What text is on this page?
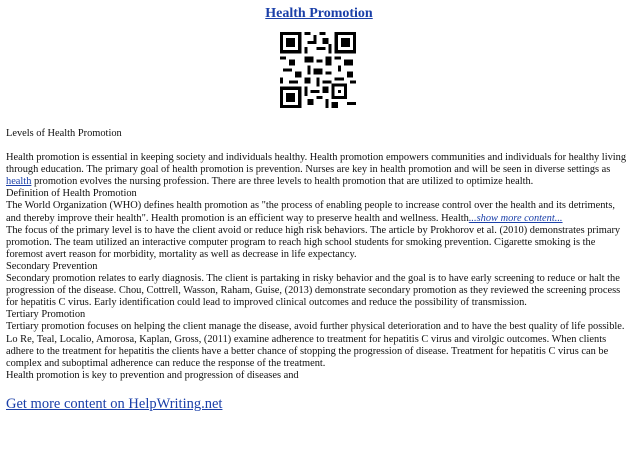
Health Promotion

Levels of Health Promotion

Health promotion is essential in keeping society and individuals healthy. Health promotion empowers communities and individuals for healthy living through education. The primary goal of health promotion is prevention. Nurses are key in health promotion and will be seen in diverse settings as health promotion evolves the nursing profession. There are three levels to health promotion that are utilized to optimize health.

Definition of Health Promotion

The World Organization (WHO) defines health promotion as "the process of enabling people to increase control over the health and its detriments, and thereby improve their health". Health promotion is an efficient way to preserve health and wellness. Health...show more content...

The focus of the primary level is to have the client avoid or reduce high risk behaviors. The article by Prokhorov et al. (2010) demonstrates primary promotion. The team utilized an interactive computer program to reach high school students for smoking prevention. Cigarette smoking is the foremost avert reason for morbidity, mortality as well as decrease in life expectancy.

Secondary Prevention

Secondary promotion relates to early diagnosis. The client is partaking in risky behavior and the goal is to have early screening to reduce or halt the progression of the disease. Chou, Cottrell, Wasson, Raham, Guise, (2013) demonstrate secondary promotion as they reviewed the screening process for hepatitis C virus. Early identification could lead to improved clinical outcomes and reduce the possibility of transmission.

Tertiary Promotion

Tertiary promotion focuses on helping the client manage the disease, avoid further physical deterioration and to have the best quality of life possible. Lo Re, Teal, Localio, Amorosa, Kaplan, Gross, (2011) examine adherence to treatment for hepatitis C virus and virolgic outcomes. When clients adhere to the treatment for hepatitis the clients have a better chance of stopping the progression of disease. Treatment for hepatitis C virus can be complex and suboptimal adherence can reduce the response of the treatment.

Health promotion is key to prevention and progression of diseases and

Get more content on HelpWriting.net
